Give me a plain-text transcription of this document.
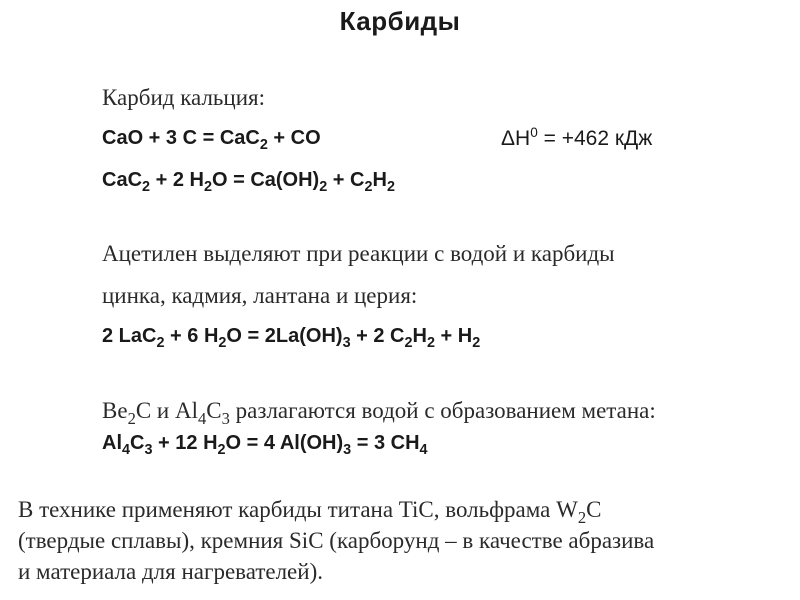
Карбиды
Карбид кальция:
CaO + 3 C = CaC$_2$ + CO	$\Delta H^0 = +462$ кДж
CaC$_2$ + 2 $H_2O = Ca(OH)_2 + C_2H_2$
Ацетилен выделяют при реакции с водой и карбиды
цинка, кадмия, лантана и церия:
2 LaC$_2$ + 6 $H_2O = 2La(OH)_3 + 2$ $C_2H_2 + H_2$
$Be_2C$ и $Al_4C_3$ разлагаются водой с образованием метана:
$Al_4C_3 + 12$ $H_2O = 4$ $Al(OH)_3 = 3$ $CH_4$
В технике применяют карбиды титана TiC, вольфрама $W_2C$
(твердые сплавы), кремния SiC (карборунд – в качестве абразива
и материала для нагревателей).
